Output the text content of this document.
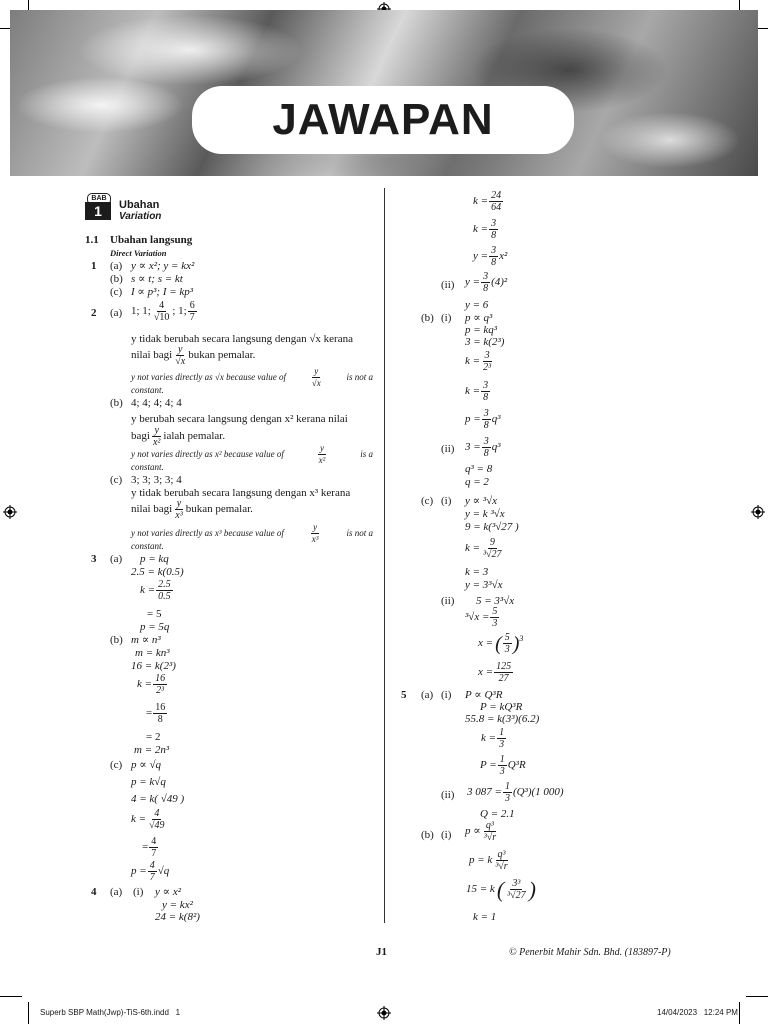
JAWAPAN
BAB
1	Ubahan
Variation
1.1 Ubahan langsung
Direct Variation
1 (a) y ∝ x²; y = kx²
(b) s ∝ t; s = kt
(c) I ∝ p³; I = kp³
2 (a) 1; 1; $\frac{4}{√10}$ ; 1; $\frac{6}{7}$
y tidak berubah secara langsung dengan √x kerana
nilai bagi $\frac{y}{√x}$ bukan pemalar.
y not varies directly as √x because value of	$\frac{y}{√x}$	is not a
constant.
(b) 4; 4; 4; 4; 4
y berubah secara langsung dengan x² kerana nilai
bagi $\frac{y}{\text{x²}}$ ialah pemalar.
y not varies directly as x² because value of	$\frac{y}{\text{x²}}$	is a
constant.
(c) 3; 3; 3; 3; 4
y tidak berubah secara langsung dengan x³ kerana
nilai bagi $\frac{y}{\text{x³}}$ bukan pemalar.
y not varies directly as x³ because value of	$\frac{y}{\text{x³}}$	is not a
constant.
3 (a) p = kq
2.5 = k(0.5)
$k = \frac{2.5}{0.5}$
= 5
p = 5q
(b) m ∝ n³
m = kn³
16 = k(2³)
$k = \frac{16}{\text{2³}}$
= $\frac{16}{8}$
= 2
m = 2n³
(c) p ∝ √q
p = k√q
4 = k( √49 )
$k = \frac{4}{√49}$
= $\frac{4}{7}$
$p = \frac{4}{7} √q$
4 (a) (i) y ∝ x²
y = kx²
24 = k(8²)
$k = \frac{24}{64}$
$k = \frac{3}{8}$
$y = \frac{3}{8} x^2$
(ii) $y = \frac{3}{8} (4)^2$
y = 6
(b) (i) p ∝ q³
p = kq³
3 = k(2³)
$k = \frac{3}{\text{2³}}$
$k = \frac{3}{8}$
$p = \frac{3}{8} q^3$
(ii) $3 = \frac{3}{8} q^3$
q³ = 8
q = 2
(c) (i) y ∝ ³√x
y = k ³√x
9 = k(³√27 )
$k = \frac{9}{\text{³√27}}$
k = 3
y = 3³√x
(ii) 5 = 3³√x
$^3√x = \frac{5}{3}$
x = ( $\frac{5}{3}$ ) 3
$x = \frac{125}{27}$
5 (a) (i) P ∝ Q³R
P = kQ³R
55.8 = k(3³)(6.2)
$k = \frac{1}{3}$
$P = \frac{1}{3} Q^3R$
(ii) 3 $087 = \frac{1}{3} (Q^3)(1$ 000)
Q = 2.1
(b) (i) $p \propto \frac{\text{q³}}{\text{³√r}}$
p = k $\frac{\text{q³}}{\text{³√r}}$
15 = k ( $\frac{\text{3³}}{\text{³√27}}$ )
k = 1
J1	© Penerbit Mahir Sdn. Bhd. (183897-P)
Superb SBP Math(Jwp)-TiS-6th.indd   1	14/04/2023   12:24 PM
